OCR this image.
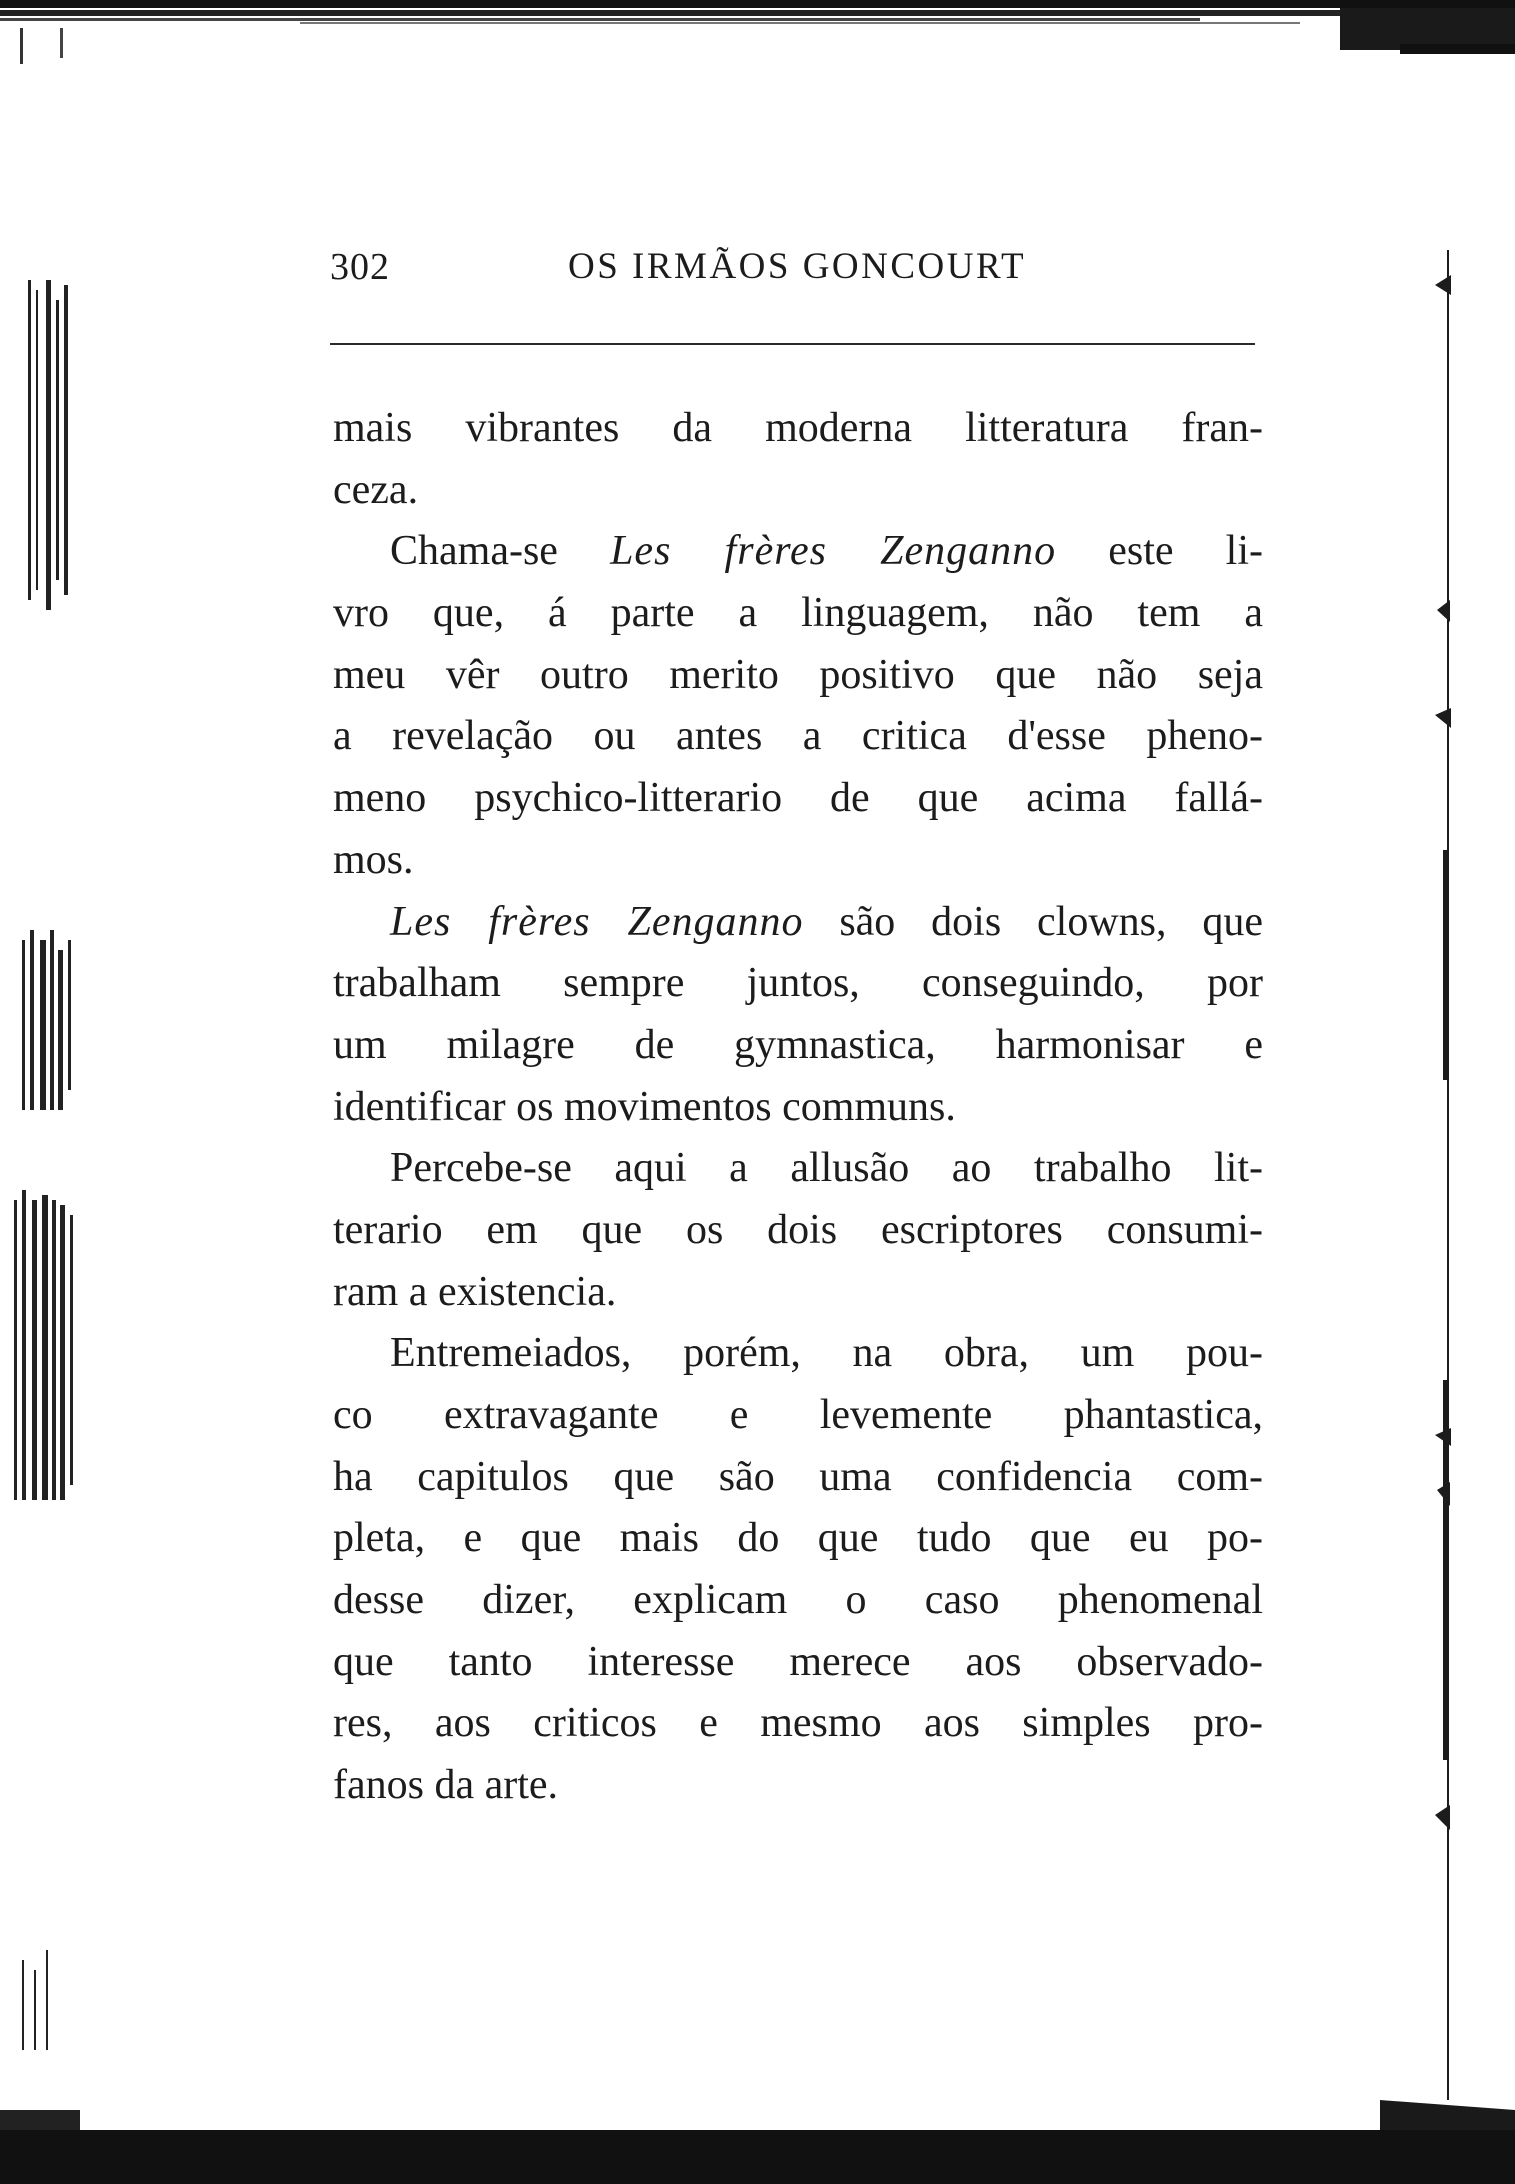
302	OS IRMÃOS GONCOURT
mais vibrantes da moderna litteratura fran-
ceza.
Chama-se Les frères Zenganno este li-
vro que, á parte a linguagem, não tem a
meu vêr outro merito positivo que não seja
a revelação ou antes a critica d'esse pheno-
meno psychico-litterario de que acima fallá-
mos.
Les frères Zenganno são dois clowns, que
trabalham sempre juntos, conseguindo, por
um milagre de gymnastica, harmonisar e
identificar os movimentos communs.
Percebe-se aqui a allusão ao trabalho lit-
terario em que os dois escriptores consumi-
ram a existencia.
Entremeiados, porém, na obra, um pou-
co extravagante e levemente phantastica,
ha capitulos que são uma confidencia com-
pleta, e que mais do que tudo que eu po-
desse dizer, explicam o caso phenomenal
que tanto interesse merece aos observado-
res, aos criticos e mesmo aos simples pro-
fanos da arte.
